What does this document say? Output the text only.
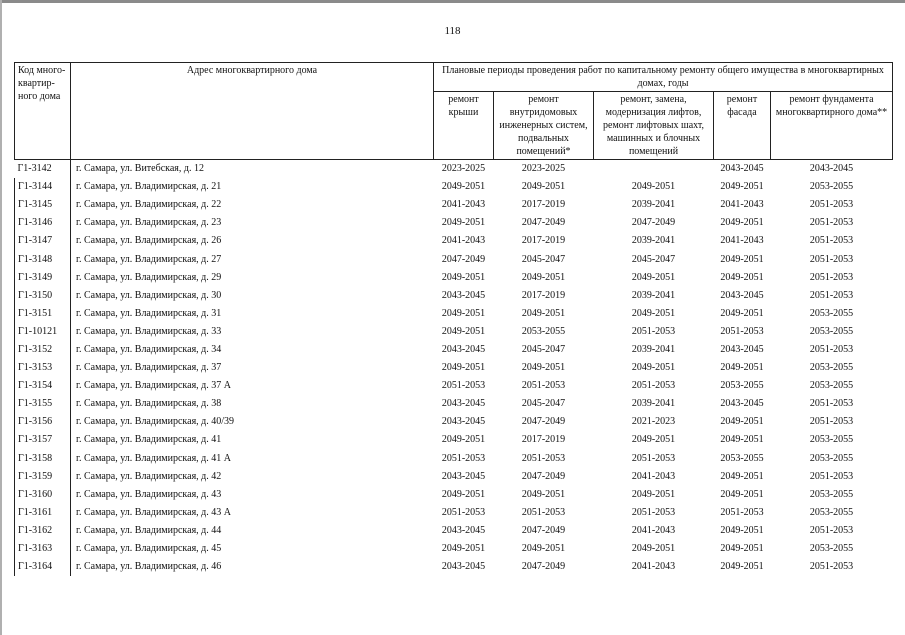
118
Код много-квартир-ного дома	Адрес многоквартирного дома	Плановые периоды проведения работ по капитальному ремонту общего имущества в многоквартирных домах, годы				
		ремонт крыши	ремонт внутридомовых инженерных систем, подвальных помещений*	ремонт, замена, модернизация лифтов, ремонт лифтовых шахт, машинных и блочных помещений	ремонт фасада	ремонт фундамента многоквартирного дома**
Г1-3142	г. Самара, ул. Витебская, д. 12	2023-2025	2023-2025		2043-2045	2043-2045
Г1-3144	г. Самара, ул. Владимирская, д. 21	2049-2051	2049-2051	2049-2051	2049-2051	2053-2055
Г1-3145	г. Самара, ул. Владимирская, д. 22	2041-2043	2017-2019	2039-2041	2041-2043	2051-2053
Г1-3146	г. Самара, ул. Владимирская, д. 23	2049-2051	2047-2049	2047-2049	2049-2051	2051-2053
Г1-3147	г. Самара, ул. Владимирская, д. 26	2041-2043	2017-2019	2039-2041	2041-2043	2051-2053
Г1-3148	г. Самара, ул. Владимирская, д. 27	2047-2049	2045-2047	2045-2047	2049-2051	2051-2053
Г1-3149	г. Самара, ул. Владимирская, д. 29	2049-2051	2049-2051	2049-2051	2049-2051	2051-2053
Г1-3150	г. Самара, ул. Владимирская, д. 30	2043-2045	2017-2019	2039-2041	2043-2045	2051-2053
Г1-3151	г. Самара, ул. Владимирская, д. 31	2049-2051	2049-2051	2049-2051	2049-2051	2053-2055
Г1-10121	г. Самара, ул. Владимирская, д. 33	2049-2051	2053-2055	2051-2053	2051-2053	2053-2055
Г1-3152	г. Самара, ул. Владимирская, д. 34	2043-2045	2045-2047	2039-2041	2043-2045	2051-2053
Г1-3153	г. Самара, ул. Владимирская, д. 37	2049-2051	2049-2051	2049-2051	2049-2051	2053-2055
Г1-3154	г. Самара, ул. Владимирская, д. 37 А	2051-2053	2051-2053	2051-2053	2053-2055	2053-2055
Г1-3155	г. Самара, ул. Владимирская, д. 38	2043-2045	2045-2047	2039-2041	2043-2045	2051-2053
Г1-3156	г. Самара, ул. Владимирская, д. 40/39	2043-2045	2047-2049	2021-2023	2049-2051	2051-2053
Г1-3157	г. Самара, ул. Владимирская, д. 41	2049-2051	2017-2019	2049-2051	2049-2051	2053-2055
Г1-3158	г. Самара, ул. Владимирская, д. 41 А	2051-2053	2051-2053	2051-2053	2053-2055	2053-2055
Г1-3159	г. Самара, ул. Владимирская, д. 42	2043-2045	2047-2049	2041-2043	2049-2051	2051-2053
Г1-3160	г. Самара, ул. Владимирская, д. 43	2049-2051	2049-2051	2049-2051	2049-2051	2053-2055
Г1-3161	г. Самара, ул. Владимирская, д. 43 А	2051-2053	2051-2053	2051-2053	2051-2053	2053-2055
Г1-3162	г. Самара, ул. Владимирская, д. 44	2043-2045	2047-2049	2041-2043	2049-2051	2051-2053
Г1-3163	г. Самара, ул. Владимирская, д. 45	2049-2051	2049-2051	2049-2051	2049-2051	2053-2055
Г1-3164	г. Самара, ул. Владимирская, д. 46	2043-2045	2047-2049	2041-2043	2049-2051	2051-2053
